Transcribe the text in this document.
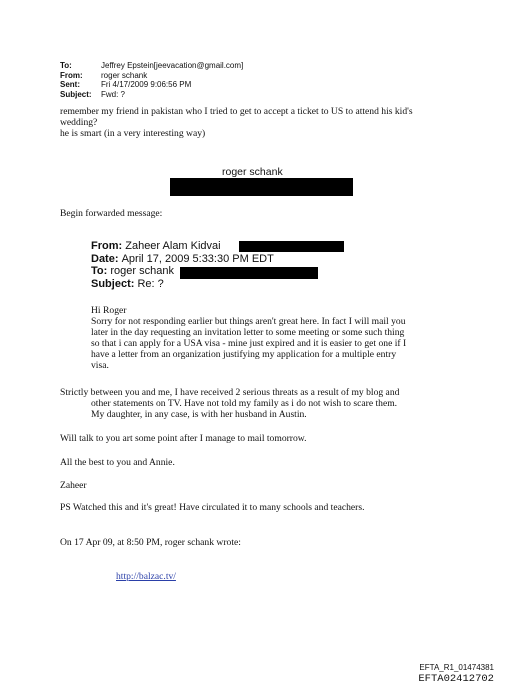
To:	Jeffrey Epstein[jeevacation@gmail.com]
From: roger schank
Sent:	Fri 4/17/2009 9:06:56 PM
Subject: Fwd: ?
remember my friend in pakistan who I tried to get to accept a ticket to US to attend his kid's
wedding?
he is smart (in a very interesting way)
roger schank
Begin forwarded message:
From: Zaheer Alam Kidvai
Date: April 17, 2009 5:33:30 PM EDT
To: roger schank
Subject: Re: ?
Hi Roger
Sorry for not responding earlier but things aren't great here. In fact I will mail you
later in the day requesting an invitation letter to some meeting or some such thing
so that i can apply for a USA visa - mine just expired and it is easier to get one if I
have a letter from an organization justifying my application for a multiple entry
visa.
Strictly between you and me, I have received 2 serious threats as a result of my blog and
other statements on TV. Have not told my family as i do not wish to scare them.
My daughter, in any case, is with her husband in Austin.
Will talk to you art some point after I manage to mail tomorrow.
All the best to you and Annie.
Zaheer
PS Watched this and it's great! Have circulated it to many schools and teachers.
On 17 Apr 09, at 8:50 PM, roger schank wrote:
http://balzac.tv/
EFTA_R1_01474381
EFTA02412702
